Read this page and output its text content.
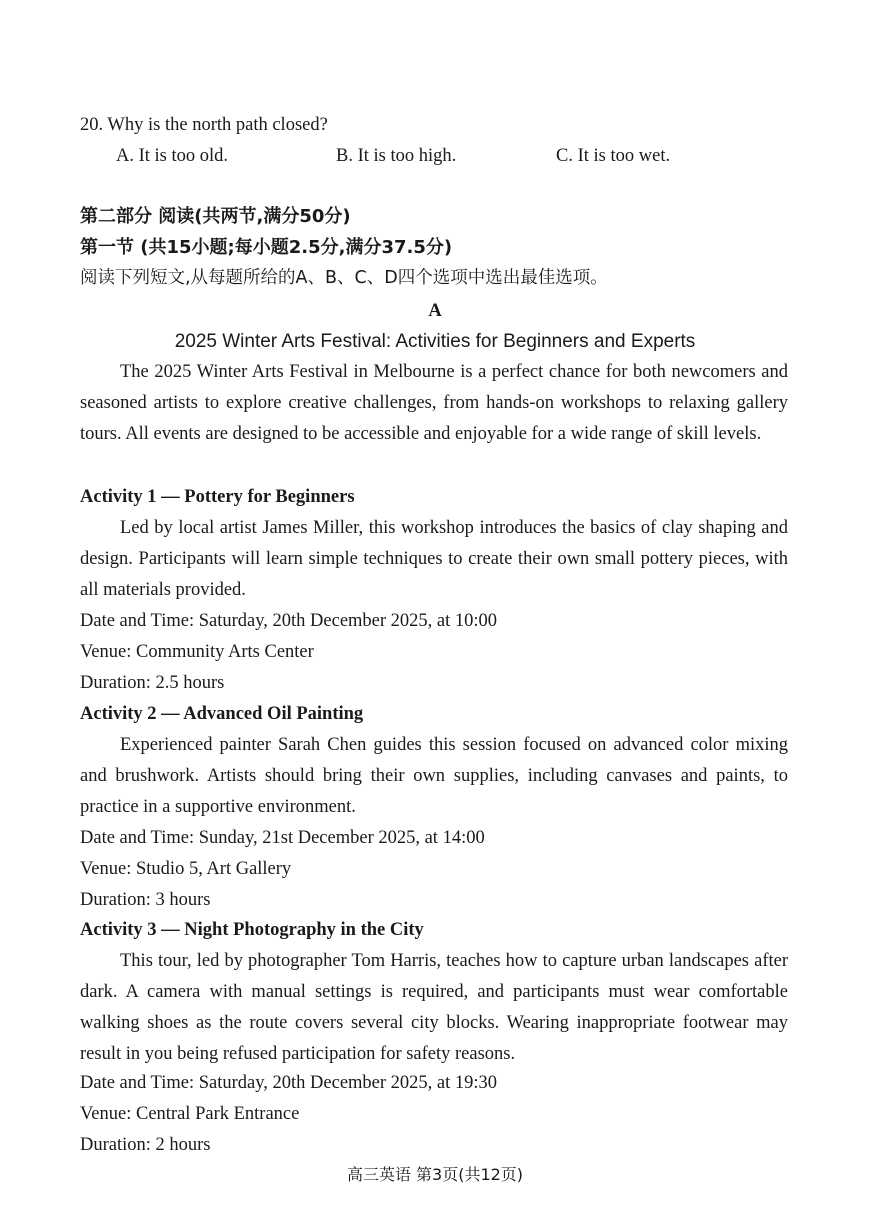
20. Why is the north path closed?
A. It is too old.	B. It is too high.	C. It is too wet.
第二部分 阅读(共两节,满分50分)
第一节 (共15小题;每小题2.5分,满分37.5分)
阅读下列短文,从每题所给的A、B、C、D四个选项中选出最佳选项。
A
2025 Winter Arts Festival: Activities for Beginners and Experts
The 2025 Winter Arts Festival in Melbourne is a perfect chance for both newcomers and seasoned artists to explore creative challenges, from hands-on workshops to relaxing gallery tours. All events are designed to be accessible and enjoyable for a wide range of skill levels.
Activity 1 — Pottery for Beginners
Led by local artist James Miller, this workshop introduces the basics of clay shaping and design. Participants will learn simple techniques to create their own small pottery pieces, with all materials provided.
Date and Time: Saturday, 20th December 2025, at 10:00
Venue: Community Arts Center
Duration: 2.5 hours
Activity 2 — Advanced Oil Painting
Experienced painter Sarah Chen guides this session focused on advanced color mixing and brushwork. Artists should bring their own supplies, including canvases and paints, to practice in a supportive environment.
Date and Time: Sunday, 21st December 2025, at 14:00
Venue: Studio 5, Art Gallery
Duration: 3 hours
Activity 3 — Night Photography in the City
This tour, led by photographer Tom Harris, teaches how to capture urban landscapes after dark. A camera with manual settings is required, and participants must wear comfortable walking shoes as the route covers several city blocks. Wearing inappropriate footwear may result in you being refused participation for safety reasons.
Date and Time: Saturday, 20th December 2025, at 19:30
Venue: Central Park Entrance
Duration: 2 hours
高三英语 第3页(共12页)
